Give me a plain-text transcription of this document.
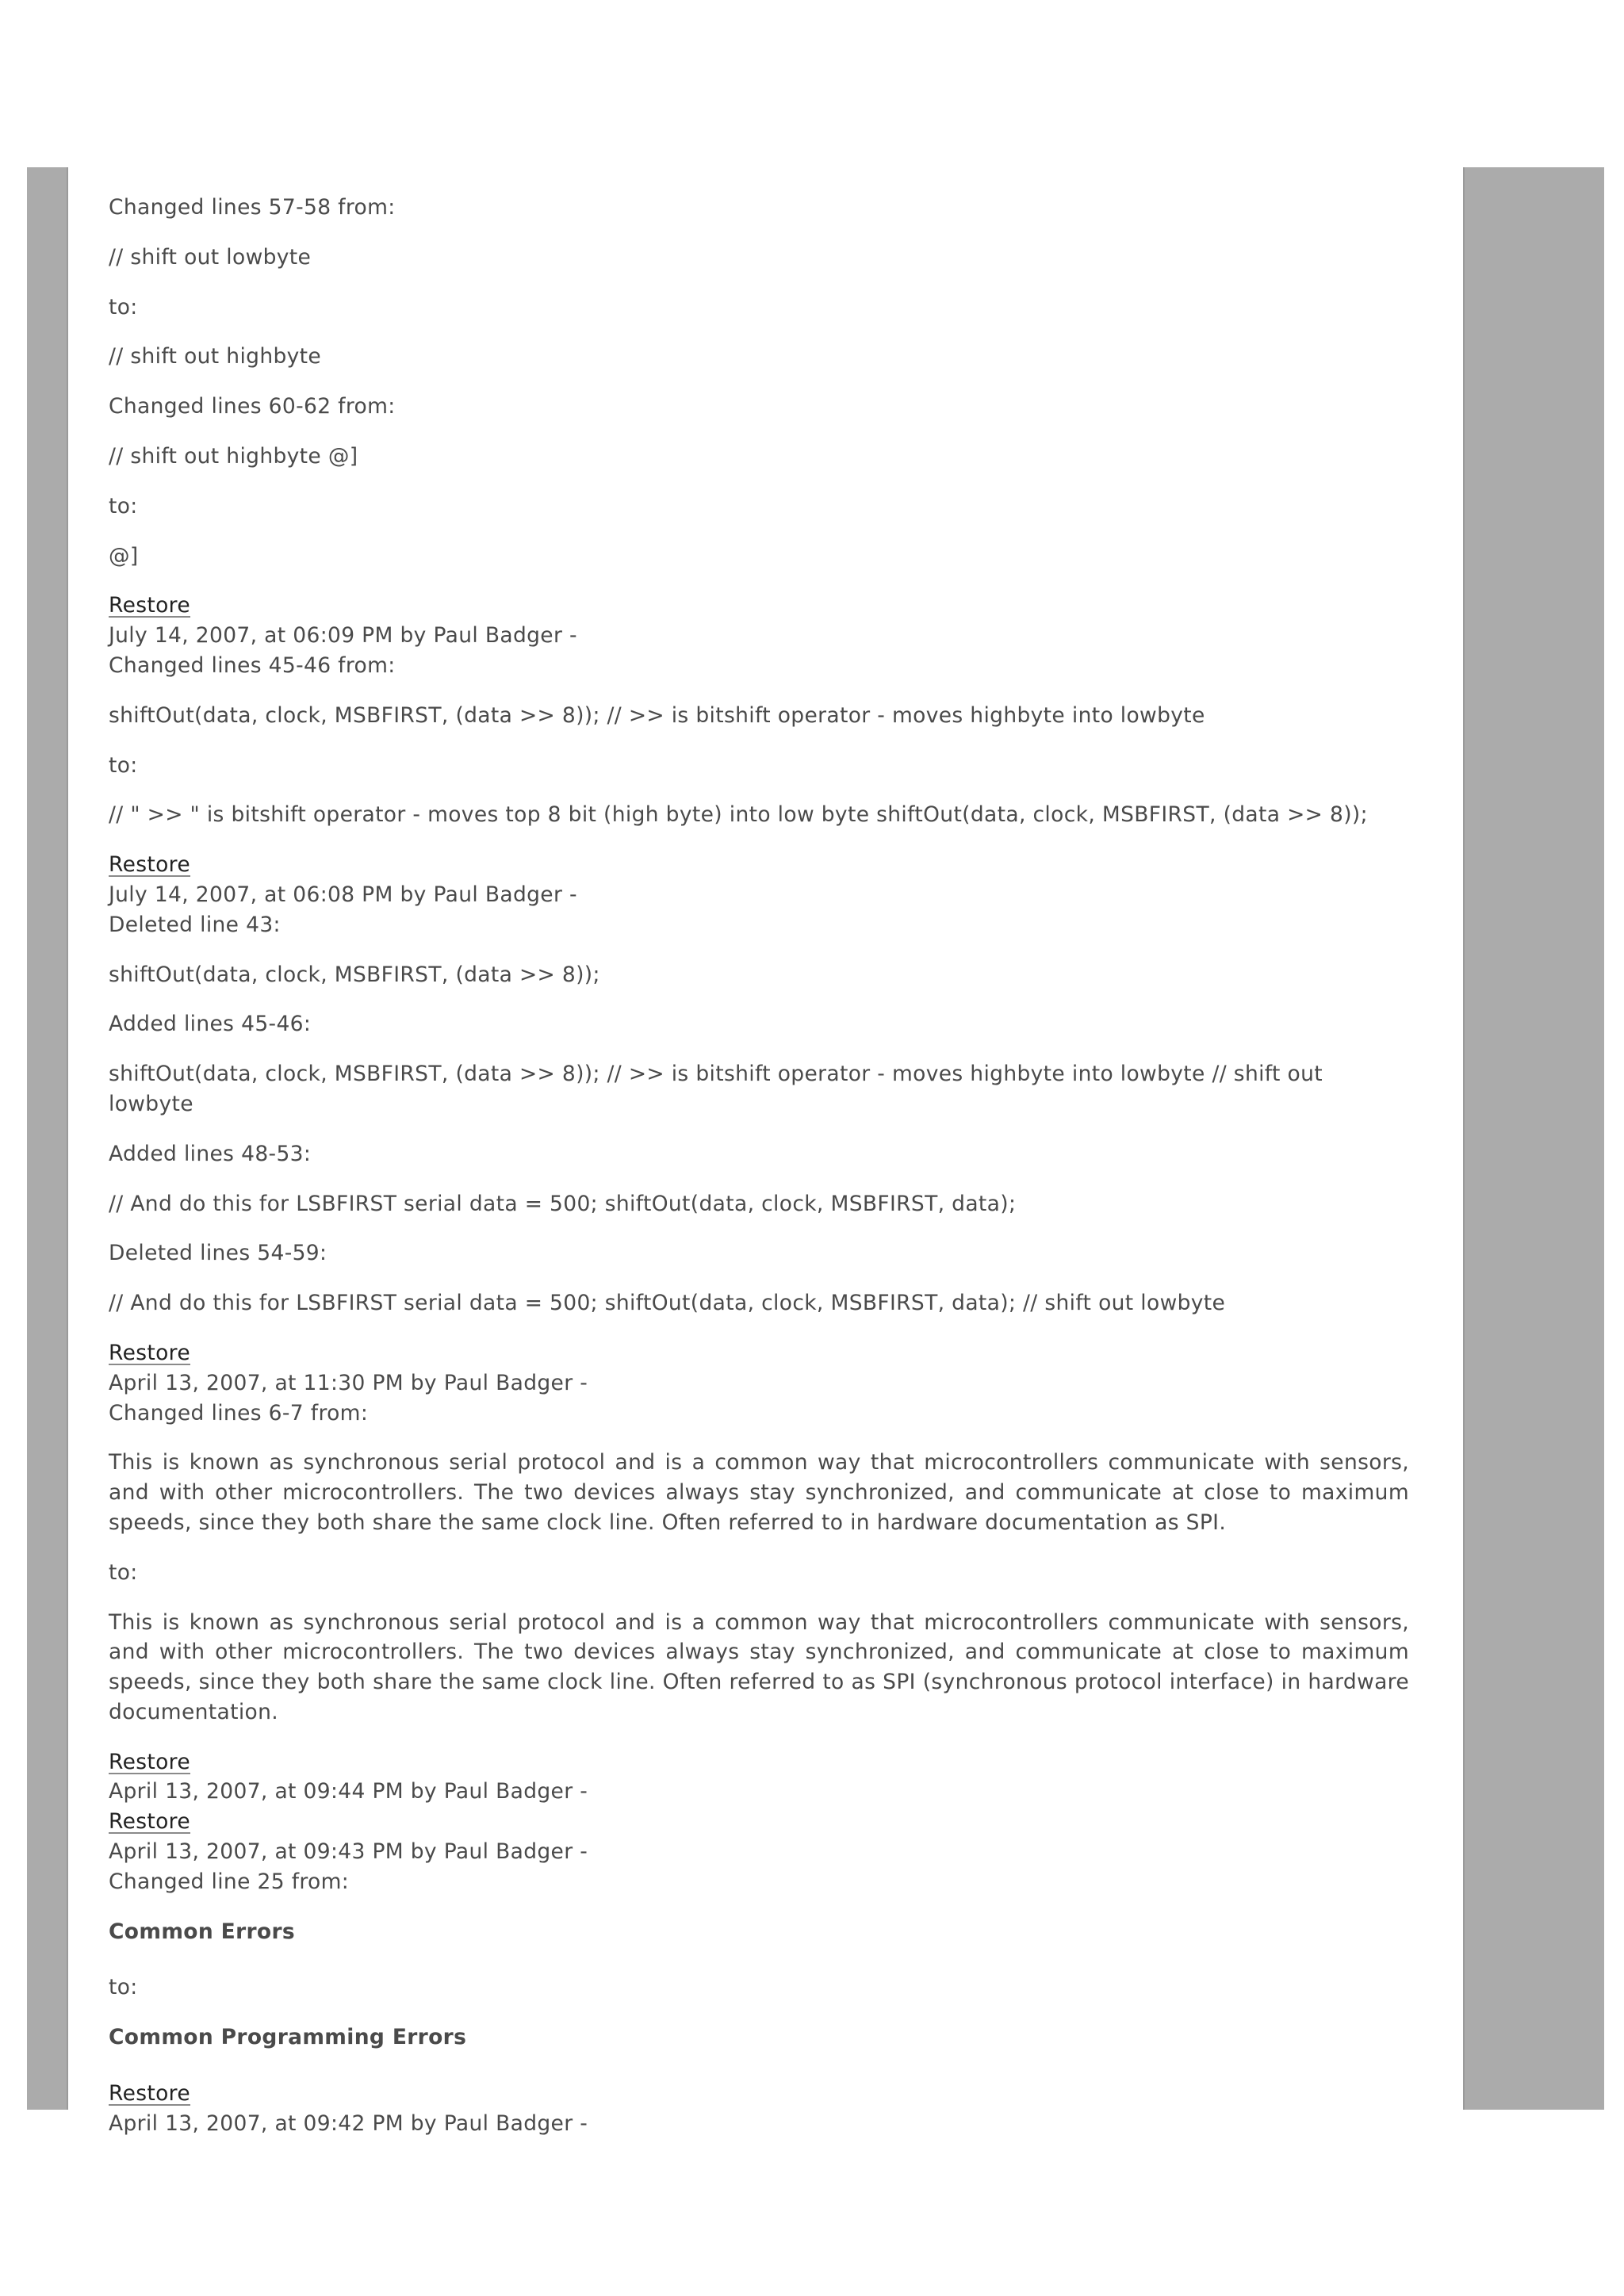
Changed lines 57-58 from:

// shift out lowbyte

to:

// shift out highbyte

Changed lines 60-62 from:

// shift out highbyte @]

to:

@]

Restore
July 14, 2007, at 06:09 PM by Paul Badger -
Changed lines 45-46 from:

shiftOut(data, clock, MSBFIRST, (data >> 8)); // >> is bitshift operator - moves highbyte into lowbyte

to:

// " >> " is bitshift operator - moves top 8 bit (high byte) into low byte shiftOut(data, clock, MSBFIRST, (data >> 8));

Restore
July 14, 2007, at 06:08 PM by Paul Badger -
Deleted line 43:

shiftOut(data, clock, MSBFIRST, (data >> 8));

Added lines 45-46:

shiftOut(data, clock, MSBFIRST, (data >> 8)); // >> is bitshift operator - moves highbyte into lowbyte // shift out lowbyte

Added lines 48-53:

// And do this for LSBFIRST serial data = 500; shiftOut(data, clock, MSBFIRST, data);

Deleted lines 54-59:

// And do this for LSBFIRST serial data = 500; shiftOut(data, clock, MSBFIRST, data); // shift out lowbyte

Restore
April 13, 2007, at 11:30 PM by Paul Badger -
Changed lines 6-7 from:

This is known as synchronous serial protocol and is a common way that microcontrollers communicate with sensors, and with other microcontrollers. The two devices always stay synchronized, and communicate at close to maximum speeds, since they both share the same clock line. Often referred to in hardware documentation as SPI.

to:

This is known as synchronous serial protocol and is a common way that microcontrollers communicate with sensors, and with other microcontrollers. The two devices always stay synchronized, and communicate at close to maximum speeds, since they both share the same clock line. Often referred to as SPI (synchronous protocol interface) in hardware documentation.

Restore
April 13, 2007, at 09:44 PM by Paul Badger -

Restore
April 13, 2007, at 09:43 PM by Paul Badger -
Changed line 25 from:

Common Errors

to:

Common Programming Errors

Restore
April 13, 2007, at 09:42 PM by Paul Badger -
